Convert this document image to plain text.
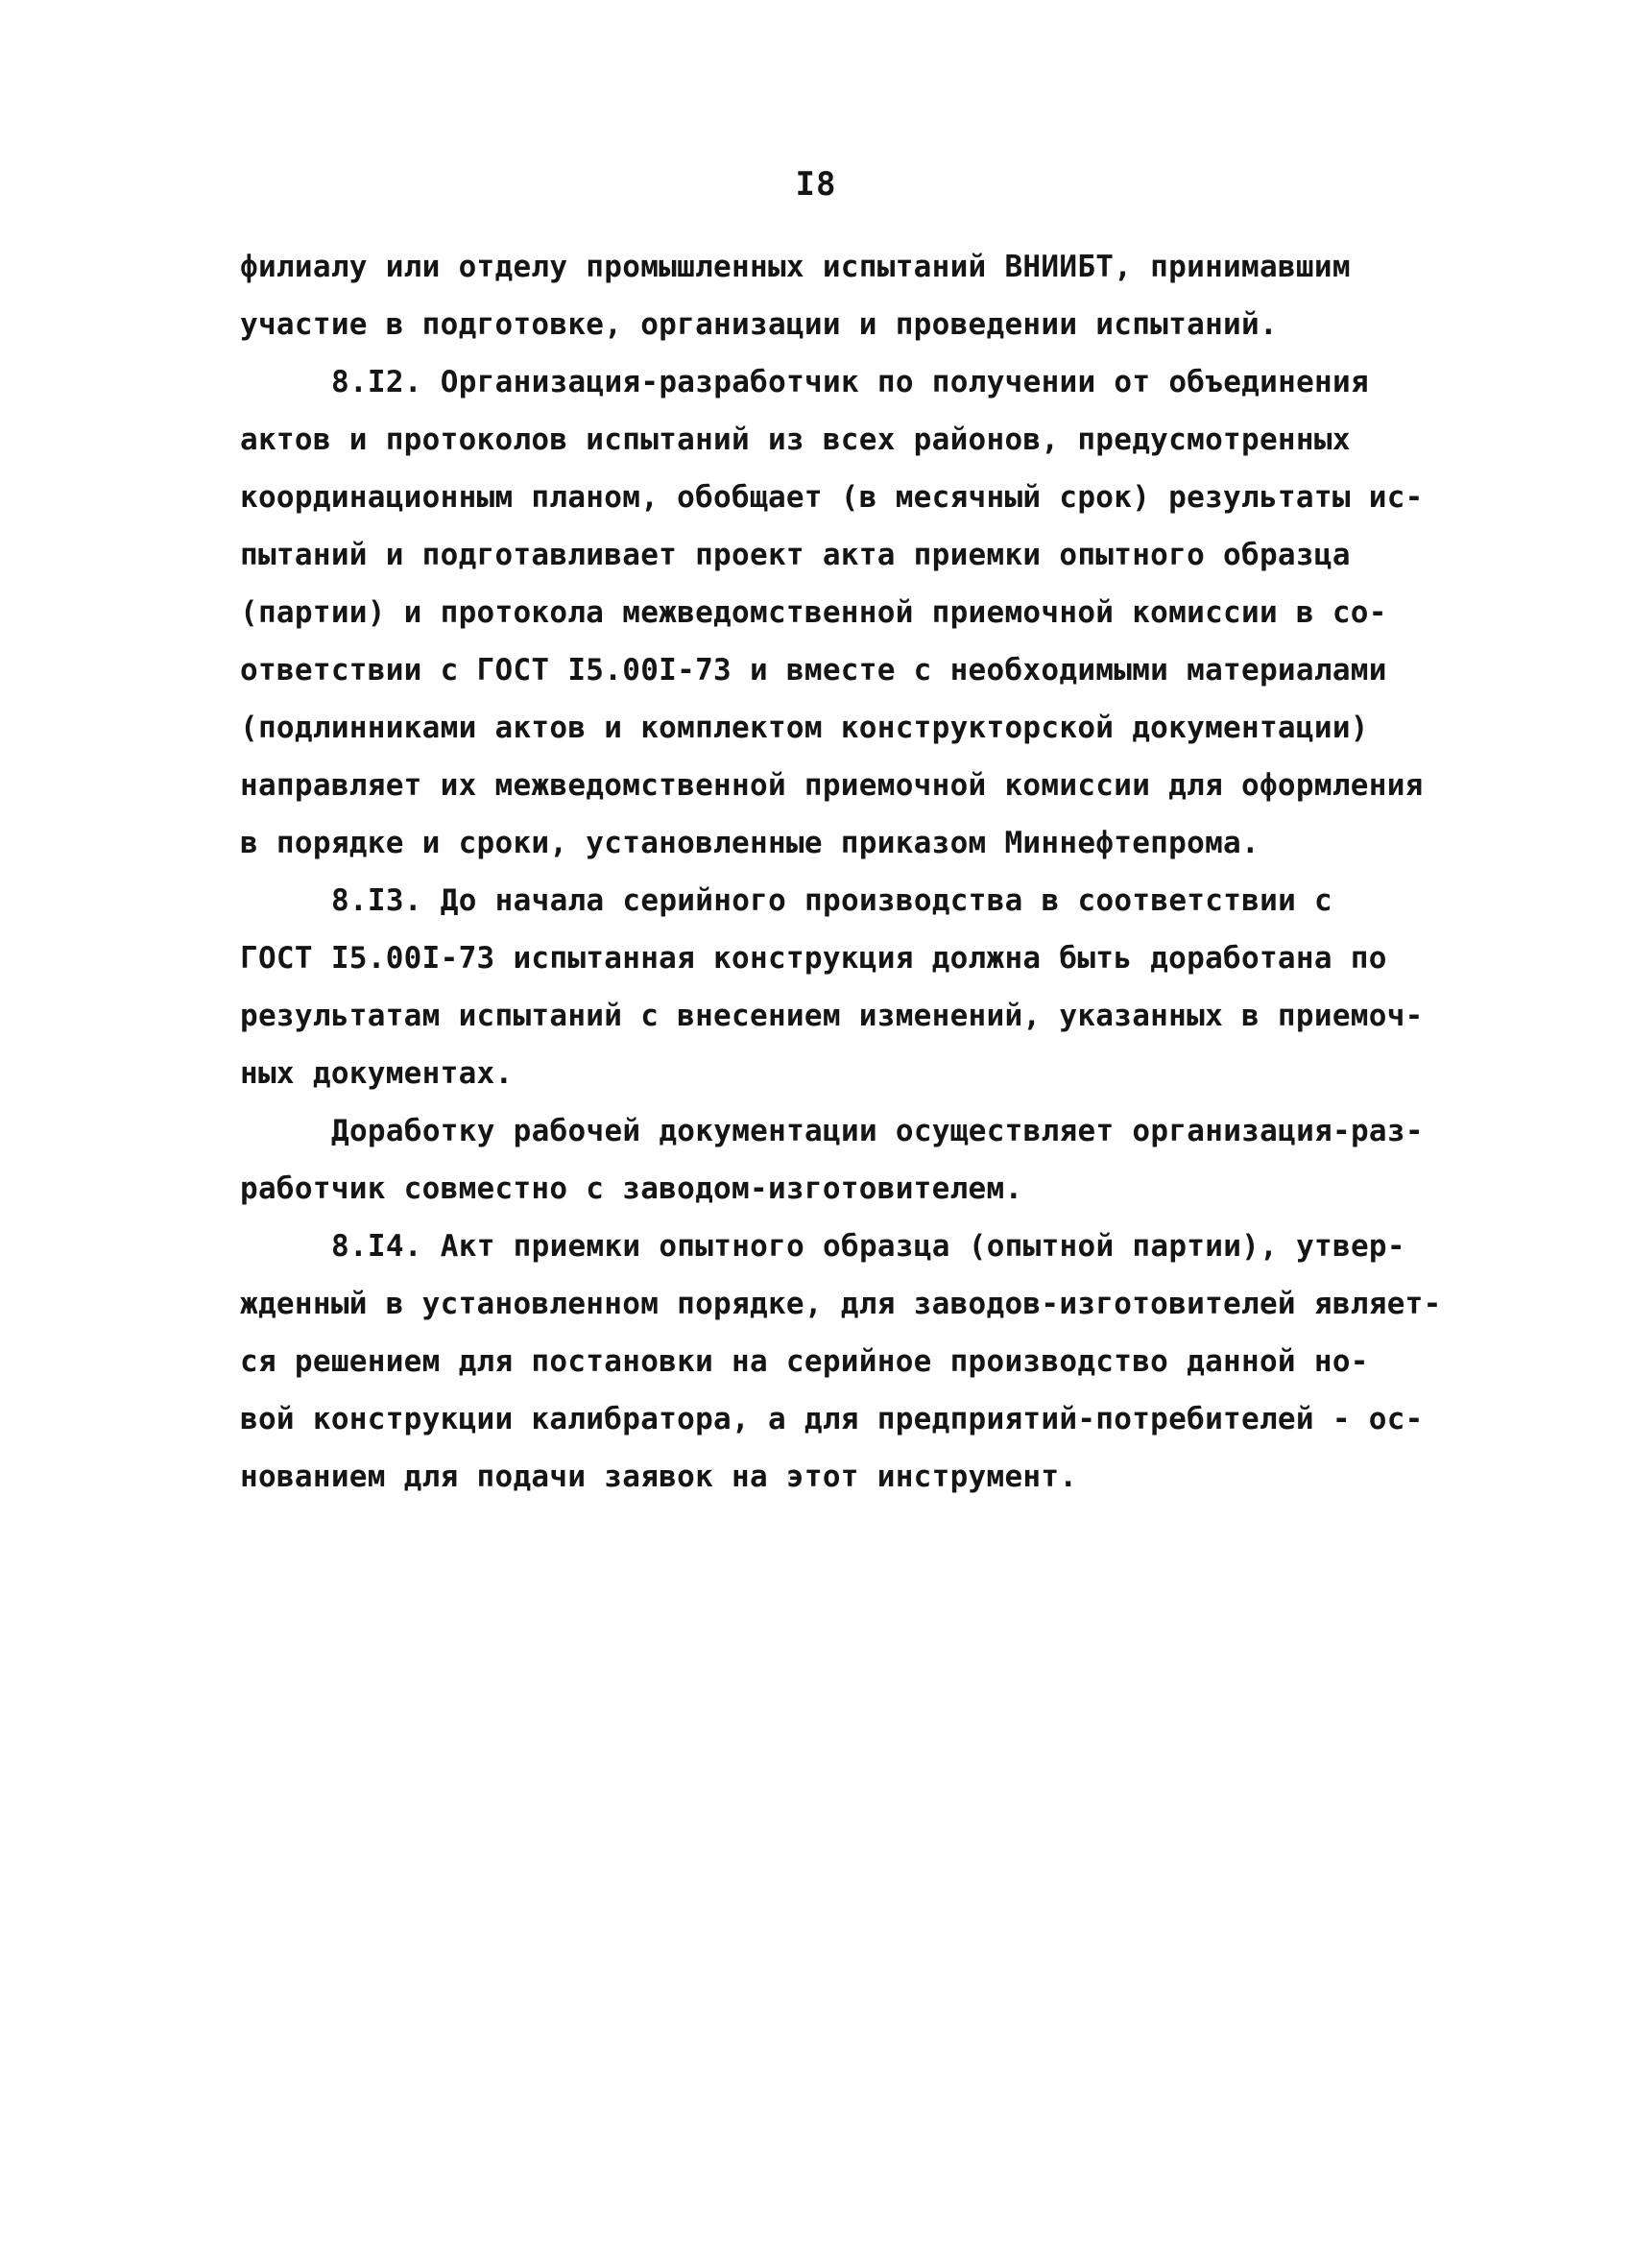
I8
филиалу или отделу промышленных испытаний ВНИИБТ, принимавшим
участие в подготовке, организации и проведении испытаний.
8.I2. Организация-разработчик по получении от объединения
актов и протоколов испытаний из всех районов, предусмотренных
координационным планом, обобщает (в месячный срок) результаты ис-
пытаний и подготавливает проект акта приемки опытного образца
(партии) и протокола межведомственной приемочной комиссии в со-
ответствии с ГОСТ I5.00I-73 и вместе с необходимыми материалами
(подлинниками актов и комплектом конструкторской документации)
направляет их межведомственной приемочной комиссии для оформления
в порядке и сроки, установленные приказом Миннефтепрома.
8.I3. До начала серийного производства в соответствии с
ГОСТ I5.00I-73 испытанная конструкция должна быть доработана по
результатам испытаний с внесением изменений, указанных в приемоч-
ных документах.
Доработку рабочей документации осуществляет организация-раз-
работчик совместно с заводом-изготовителем.
8.I4. Акт приемки опытного образца (опытной партии), утвер-
жденный в установленном порядке, для заводов-изготовителей являет-
ся решением для постановки на серийное производство данной но-
вой конструкции калибратора, а для предприятий-потребителей - ос-
нованием для подачи заявок на этот инструмент.
